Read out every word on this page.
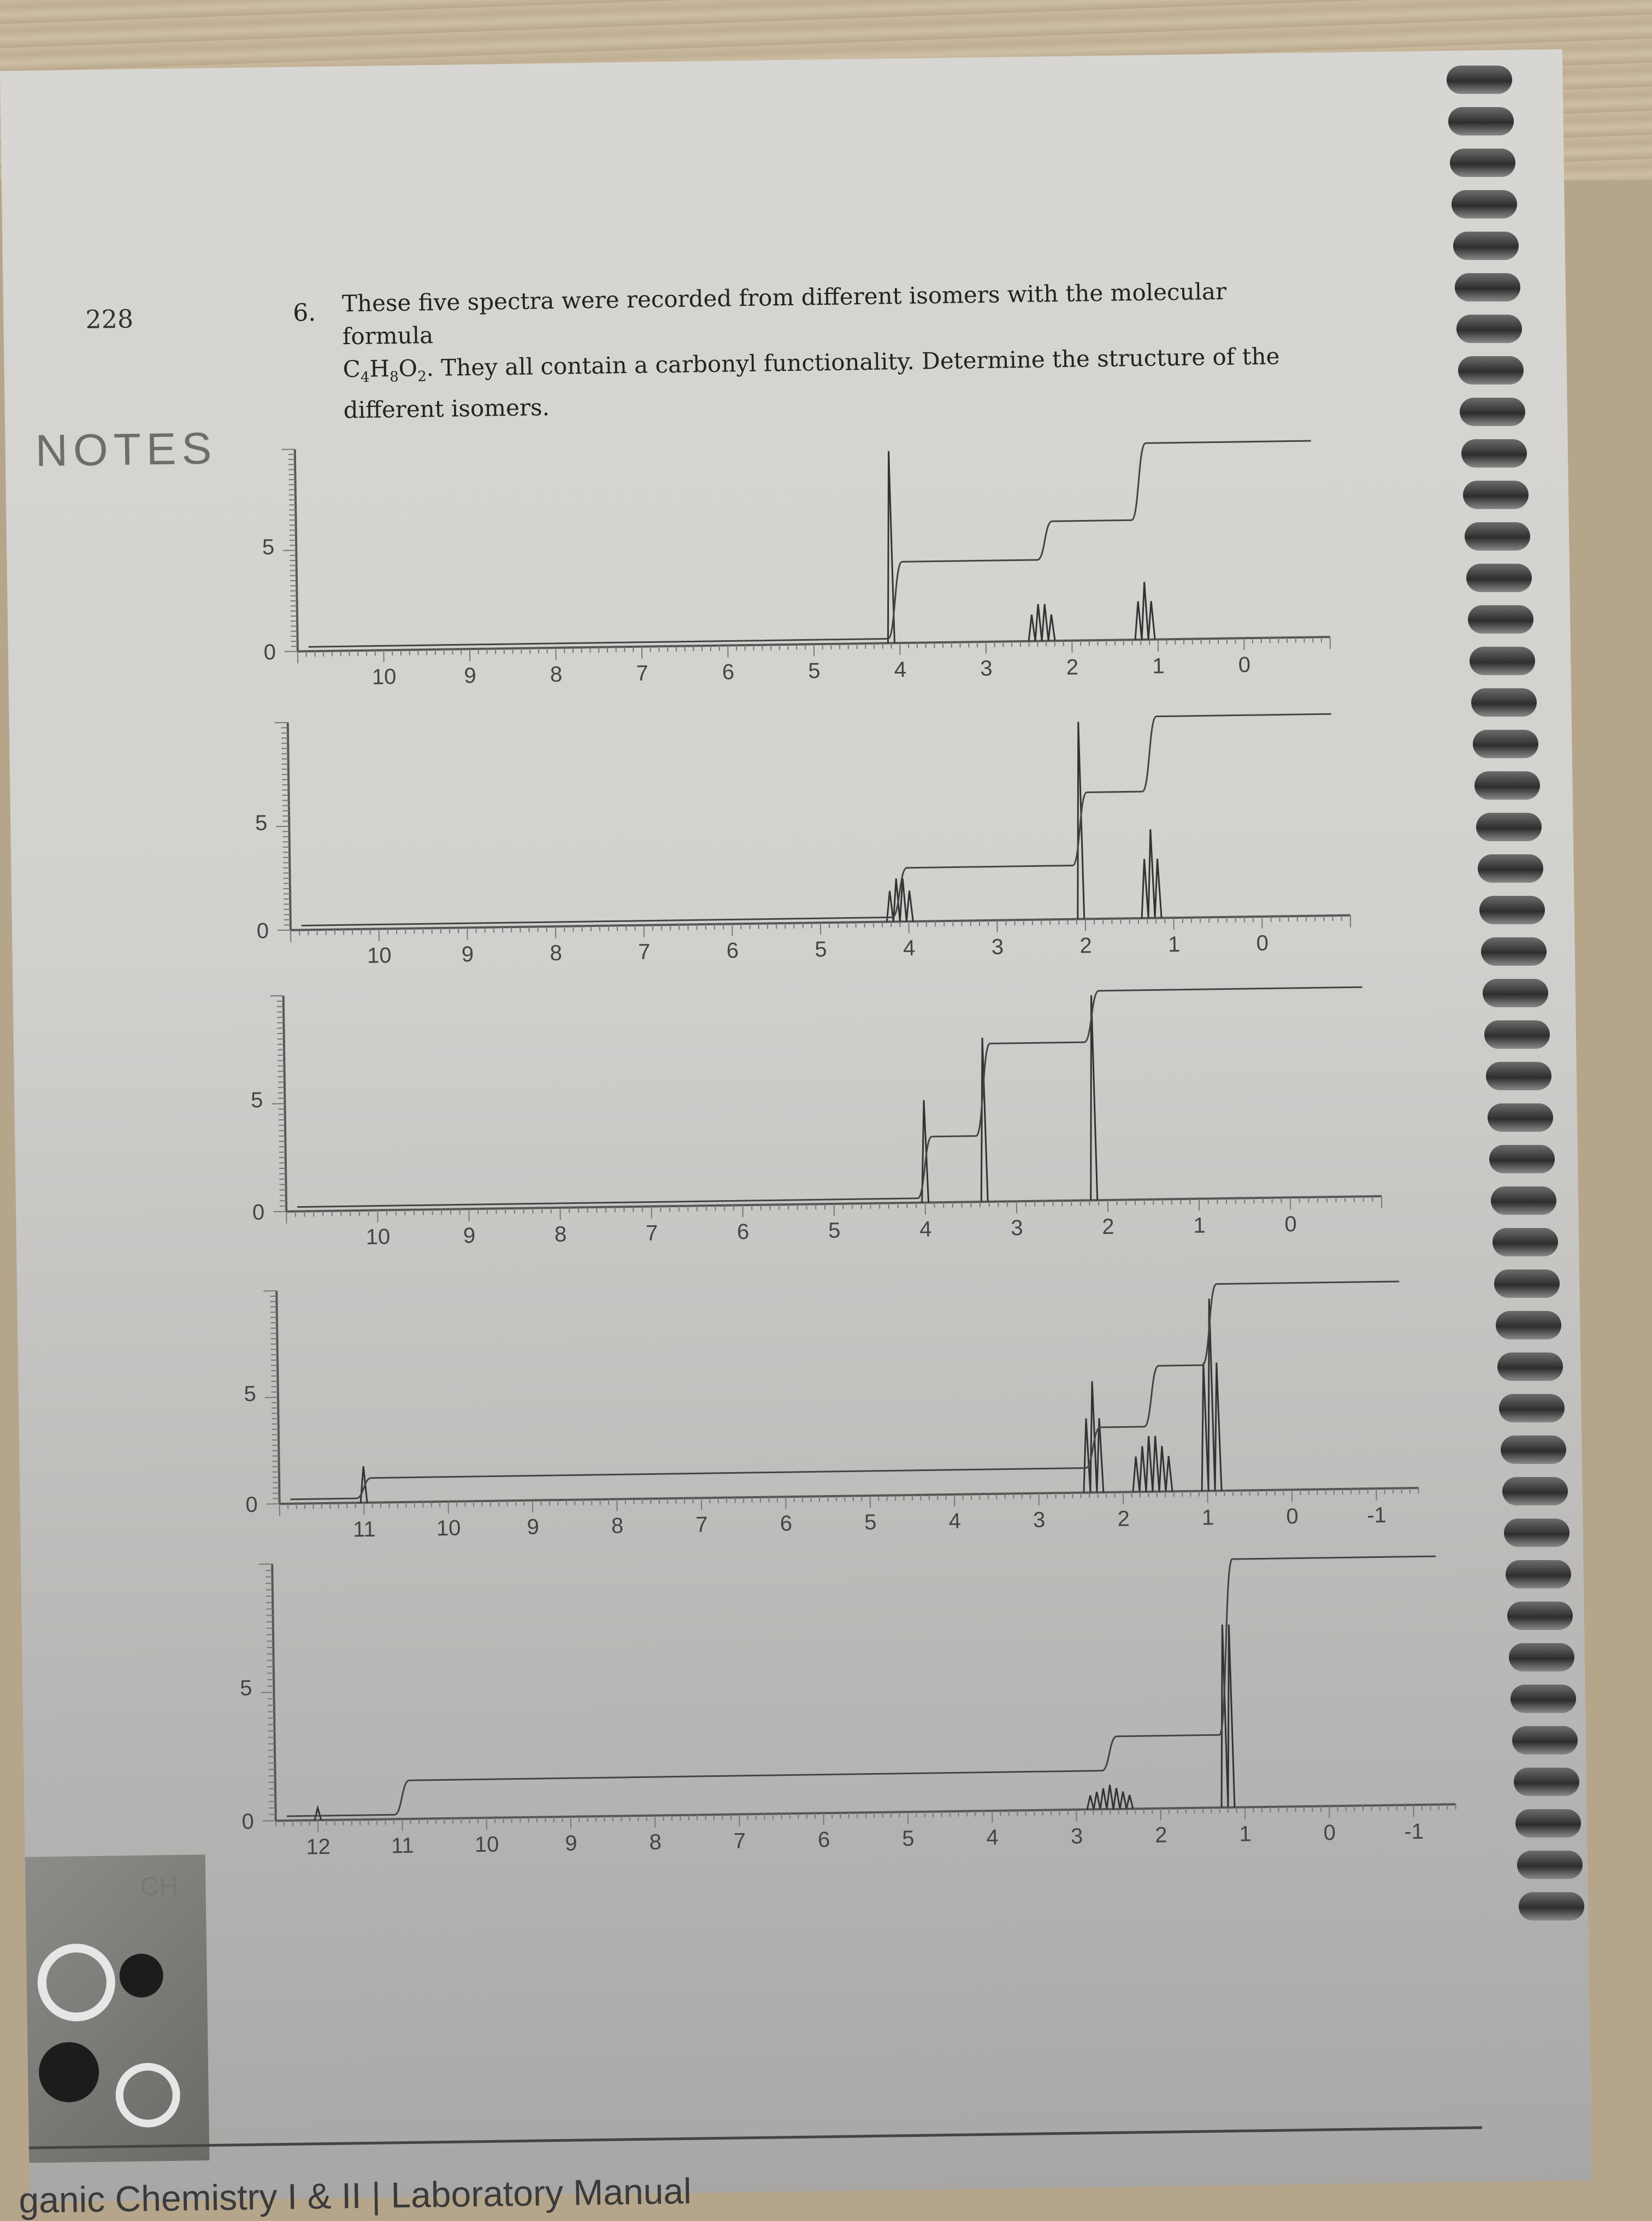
228
NOTES
6. These five spectra were recorded from different isomers with the molecular formula
$C_4H_8O_2$. They all contain a carbonyl functionality. Determine the structure of the
different isomers.
10	9	8	7	6	5	4	3	2	1	0
0
5
10	9	8	7	6	5	4	3	2	1	0
0
5
10	9	8	7	6	5	4	3	2	1	0
0
5
11	10	9	8	7	6	5	4	3	2	1	0	-1
0
5
12	11	10	9	8	7	6	5	4	3	2	1	0	-1
0
5
CH
ganic Chemistry I & II | Laboratory Manual
